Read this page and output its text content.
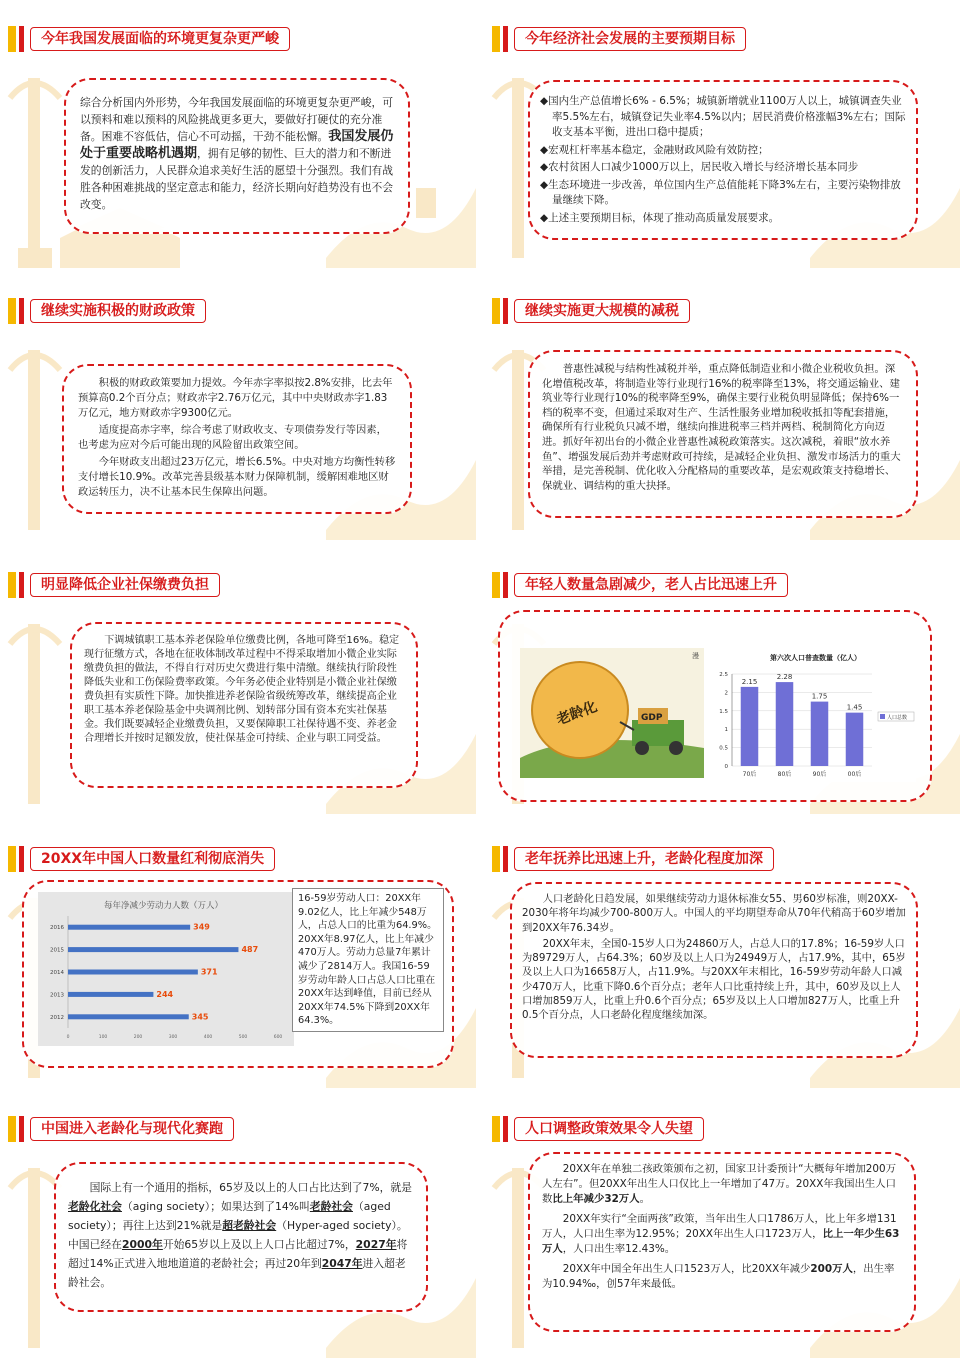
今年我国发展面临的环境更复杂更严峻
综合分析国内外形势，今年我国发展面临的环境更复杂更严峻，可以预料和难以预料的风险挑战更多更大，要做好打硬仗的充分准备。困难不容低估，信心不可动摇，干劲不能松懈。我国发展仍处于重要战略机遇期，拥有足够的韧性、巨大的潜力和不断迸发的创新活力，人民群众追求美好生活的愿望十分强烈。我们有战胜各种困难挑战的坚定意志和能力，经济长期向好趋势没有也不会改变。
今年经济社会发展的主要预期目标
◆国内生产总值增长6% - 6.5%；城镇新增就业1100万人以上，城镇调查失业率5.5%左右，城镇登记失业率4.5%以内；居民消费价格涨幅3%左右；国际收支基本平衡，进出口稳中提质；
◆宏观杠杆率基本稳定，金融财政风险有效防控；
◆农村贫困人口减少1000万以上，居民收入增长与经济增长基本同步
◆生态环境进一步改善，单位国内生产总值能耗下降3%左右，主要污染物排放量继续下降。
◆上述主要预期目标，体现了推动高质量发展要求。
继续实施积极的财政政策

积极的财政政策要加力提效。今年赤字率拟按2.8%安排，比去年预算高0.2个百分点；财政赤字2.76万亿元，其中中央财政赤字1.83万亿元，地方财政赤字9300亿元。

适度提高赤字率，综合考虑了财政收支、专项债券发行等因素，也考虑为应对今后可能出现的风险留出政策空间。

今年财政支出超过23万亿元，增长6.5%。中央对地方均衡性转移支付增长10.9%。改革完善县级基本财力保障机制，缓解困难地区财政运转压力，决不让基本民生保障出问题。

继续实施更大规模的减税

普惠性减税与结构性减税并举，重点降低制造业和小微企业税收负担。深化增值税改革，将制造业等行业现行16%的税率降至13%，将交通运输业、建筑业等行业现行10%的税率降至9%，确保主要行业税负明显降低；保持6%一档的税率不变，但通过采取对生产、生活性服务业增加税收抵扣等配套措施，确保所有行业税负只减不增，继续向推进税率三档并两档、税制简化方向迈进。抓好年初出台的小微企业普惠性减税政策落实。这次减税，着眼“放水养鱼”、增强发展后劲并考虑财政可持续，是减轻企业负担、激发市场活力的重大举措，是完善税制、优化收入分配格局的重要改革，是宏观政策支持稳增长、保就业、调结构的重大抉择。

明显降低企业社保缴费负担

下调城镇职工基本养老保险单位缴费比例，各地可降至16%。稳定现行征缴方式，各地在征收体制改革过程中不得采取增加小微企业实际缴费负担的做法，不得自行对历史欠费进行集中清缴。继续执行阶段性降低失业和工伤保险费率政策。今年务必使企业特别是小微企业社保缴费负担有实质性下降。加快推进养老保险省级统筹改革，继续提高企业职工基本养老保险基金中央调剂比例、划转部分国有资本充实社保基金。我们既要减轻企业缴费负担，又要保障职工社保待遇不变、养老金合理增长并按时足额发放，使社保基金可持续、企业与职工同受益。

年轻人数量急剧减少，老人占比迅速上升
老龄化	GDP
漫	第六次人口普查数量（亿人）
0
0.5
1
1.5
2
2.5
2.15
70后
2.28
80后
1.75
90后
1.45
00后
人口总数
20XX年中国人口数量红利彻底消失
每年净减少劳动力人数（万人）
0	100	200	300	400	500	600
2016	349
2015	487
2014	371
2013	244
2012	345
16-59岁劳动人口：20XX年9.02亿人，比上年减少548万人，占总人口的比重为64.9%。20XX年8.97亿人，比上年减少470万人。劳动力总量7年累计减少了2814万人。我国16-59岁劳动年龄人口占总人口比重在20XX年达到峰值，目前已经从20XX年74.5%下降到20XX年64.3%。
老年抚养比迅速上升，老龄化程度加深

人口老龄化日趋发展，如果继续劳动力退休标准女55、男60岁标准，则20XX-2030年将年均减少700-800万人。中国人的平均期望寿命从70年代稍高于60岁增加到20XX年76.34岁。

20XX年末，全国0-15岁人口为24860万人，占总人口的17.8%；16-59岁人口为89729万人，占64.3%；60岁及以上人口为24949万人，占17.9%，其中，65岁及以上人口为16658万人，占11.9%。与20XX年末相比，16-59岁劳动年龄人口减少470万人，比重下降0.6个百分点；老年人口比重持续上升，其中，60岁及以上人口增加859万人，比重上升0.6个百分点；65岁及以上人口增加827万人，比重上升0.5个百分点，人口老龄化程度继续加深。

中国进入老龄化与现代化赛跑

国际上有一个通用的指标，65岁及以上的人口占比达到了7%，就是老龄化社会（aging society）；如果达到了14%叫老龄社会（aged society）；再往上达到21%就是超老龄社会（Hyper-aged society）。中国已经在2000年开始65岁以上及以上人口占比超过7%，2027年将超过14%正式进入地地道道的老龄社会；再过20年到2047年进入超老龄社会。

人口调整政策效果令人失望

20XX年在单独二孩政策颁布之初，国家卫计委预计“大概每年增加200万人左右”。但20XX年出生人口仅比上一年增加了47万。20XX年我国出生人口数比上年减少32万人。

20XX年实行“全面两孩”政策，当年出生人口1786万人，比上年多增131万人，人口出生率为12.95%；20XX年出生人口1723万人，比上一年少生63万人，人口出生率12.43%。

20XX年中国全年出生人口1523万人，比20XX年减少200万人，出生率为10.94‰，创57年来最低。
